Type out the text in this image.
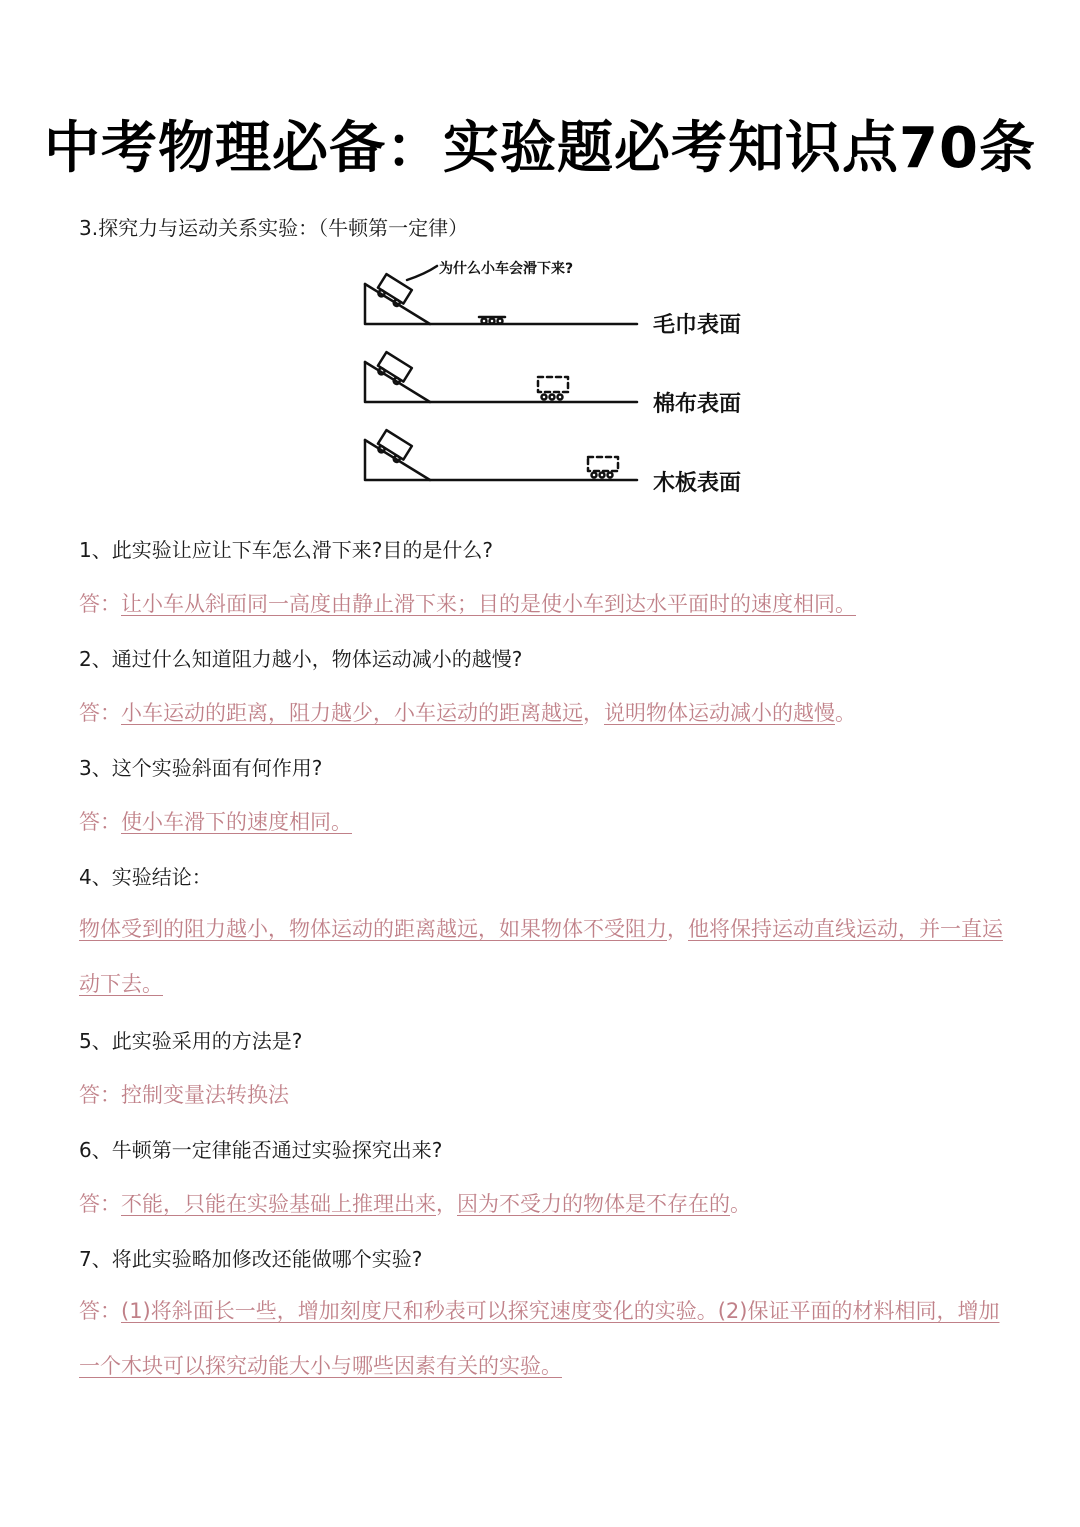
中考物理必备：实验题必考知识点70条
3.探究力与运动关系实验：（牛顿第一定律）
为什么小车会滑下来?
毛巾表面
棉布表面
木板表面
1、此实验让应让下车怎么滑下来?目的是什么?
答：让小车从斜面同一高度由静止滑下来；目的是使小车到达水平面时的速度相同。
2、通过什么知道阻力越小，物体运动减小的越慢?
答：小车运动的距离，阻力越少，小车运动的距离越远，说明物体运动减小的越慢。
3、这个实验斜面有何作用?
答：使小车滑下的速度相同。
4、实验结论：
物体受到的阻力越小，物体运动的距离越远，如果物体不受阻力，他将保持运动直线运动，并一直运动下去。
5、此实验采用的方法是?
答：控制变量法转换法
6、牛顿第一定律能否通过实验探究出来?
答：不能，只能在实验基础上推理出来，因为不受力的物体是不存在的。
7、将此实验略加修改还能做哪个实验?
答：(1)将斜面长一些，增加刻度尺和秒表可以探究速度变化的实验。(2)保证平面的材料相同，增加一个木块可以探究动能大小与哪些因素有关的实验。
